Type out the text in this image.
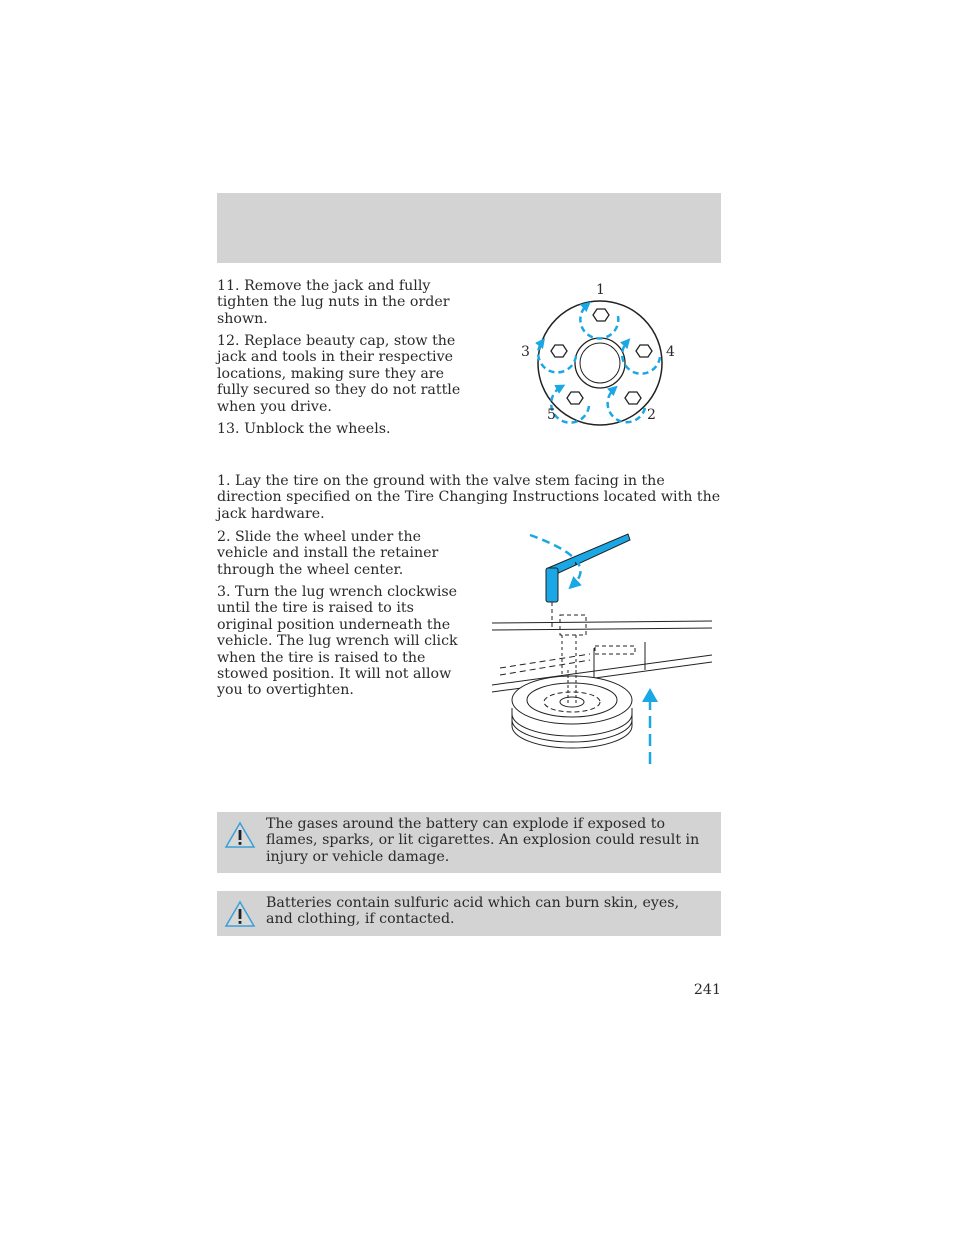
11. Remove the jack and fully tighten the lug nuts in the order shown.

12. Replace beauty cap, stow the jack and tools in their respective locations, making sure they are fully secured so they do not rattle when you drive.

13. Unblock the wheels.

1
2
3	4
5

1. Lay the tire on the ground with the valve stem facing in the direction specified on the Tire Changing Instructions located with the jack hardware.

2. Slide the wheel under the vehicle and install the retainer through the wheel center.

3. Turn the lug wrench clockwise until the tire is raised to its original position underneath the vehicle. The lug wrench will click when the tire is raised to the stowed position. It will not allow you to overtighten.

The gases around the battery can explode if exposed to flames, sparks, or lit cigarettes. An explosion could result in injury or vehicle damage.

Batteries contain sulfuric acid which can burn skin, eyes, and clothing, if contacted.

241
